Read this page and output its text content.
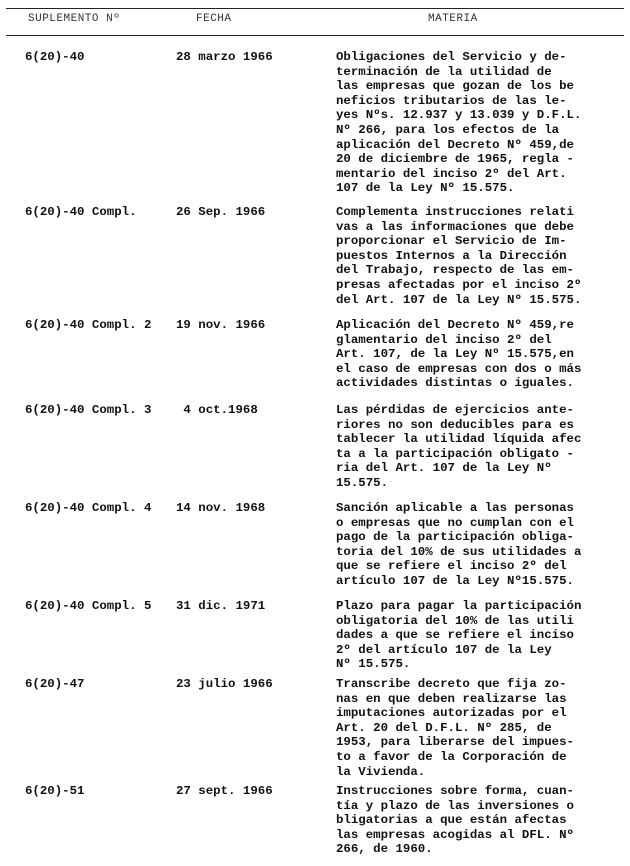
SUPLEMENTO Nº	FECHA	MATERIA
6(20)-40	28 marzo 1966	Obligaciones del Servicio y de-
terminación de la utilidad de
las empresas que gozan de los be
neficios tributarios de las le-
yes Nºs. 12.937 y 13.039 y D.F.L.
Nº 266, para los efectos de la
aplicación del Decreto Nº 459,de
20 de diciembre de 1965, regla -
mentario del inciso 2º del Art.
107 de la Ley Nº 15.575.
6(20)-40 Compl.	26 Sep. 1966	Complementa instrucciones relati
vas a las informaciones que debe
proporcionar el Servicio de Im-
puestos Internos a la Dirección
del Trabajo, respecto de las em-
presas afectadas por el inciso 2º
del Art. 107 de la Ley Nº 15.575.
6(20)-40 Compl. 2 19 nov. 1966	Aplicación del Decreto Nº 459,re
glamentario del inciso 2º del
Art. 107, de la Ley Nº 15.575,en
el caso de empresas con dos o más
actividades distintas o iguales.
6(20)-40 Compl. 3 4 oct.1968	Las pérdidas de ejercicios ante-
riores no son deducibles para es
tablecer la utilidad líquida afec
ta a la participación obligato -
ria del Art. 107 de la Ley Nº
15.575.
6(20)-40 Compl. 4 14 nov. 1968	Sanción aplicable a las personas
o empresas que no cumplan con el
pago de la participación obliga-
toria del 10% de sus utilidades a
que se refiere el inciso 2º del
artículo 107 de la Ley Nº15.575.
6(20)-40 Compl. 5 31 dic. 1971	Plazo para pagar la participación
obligatoria del 10% de las utili
dades a que se refiere el inciso
2º del artículo 107 de la Ley
Nº 15.575.
6(20)-47	23 julio 1966	Transcribe decreto que fija zo-
nas en que deben realizarse las
imputaciones autorizadas por el
Art. 20 del D.F.L. Nº 285, de
1953, para liberarse del impues-
to a favor de la Corporación de
la Vivienda.
6(20)-51	27 sept. 1966	Instrucciones sobre forma, cuan-
tía y plazo de las inversiones o
bligatorias a que están afectas
las empresas acogidas al DFL. Nº
266, de 1960.
